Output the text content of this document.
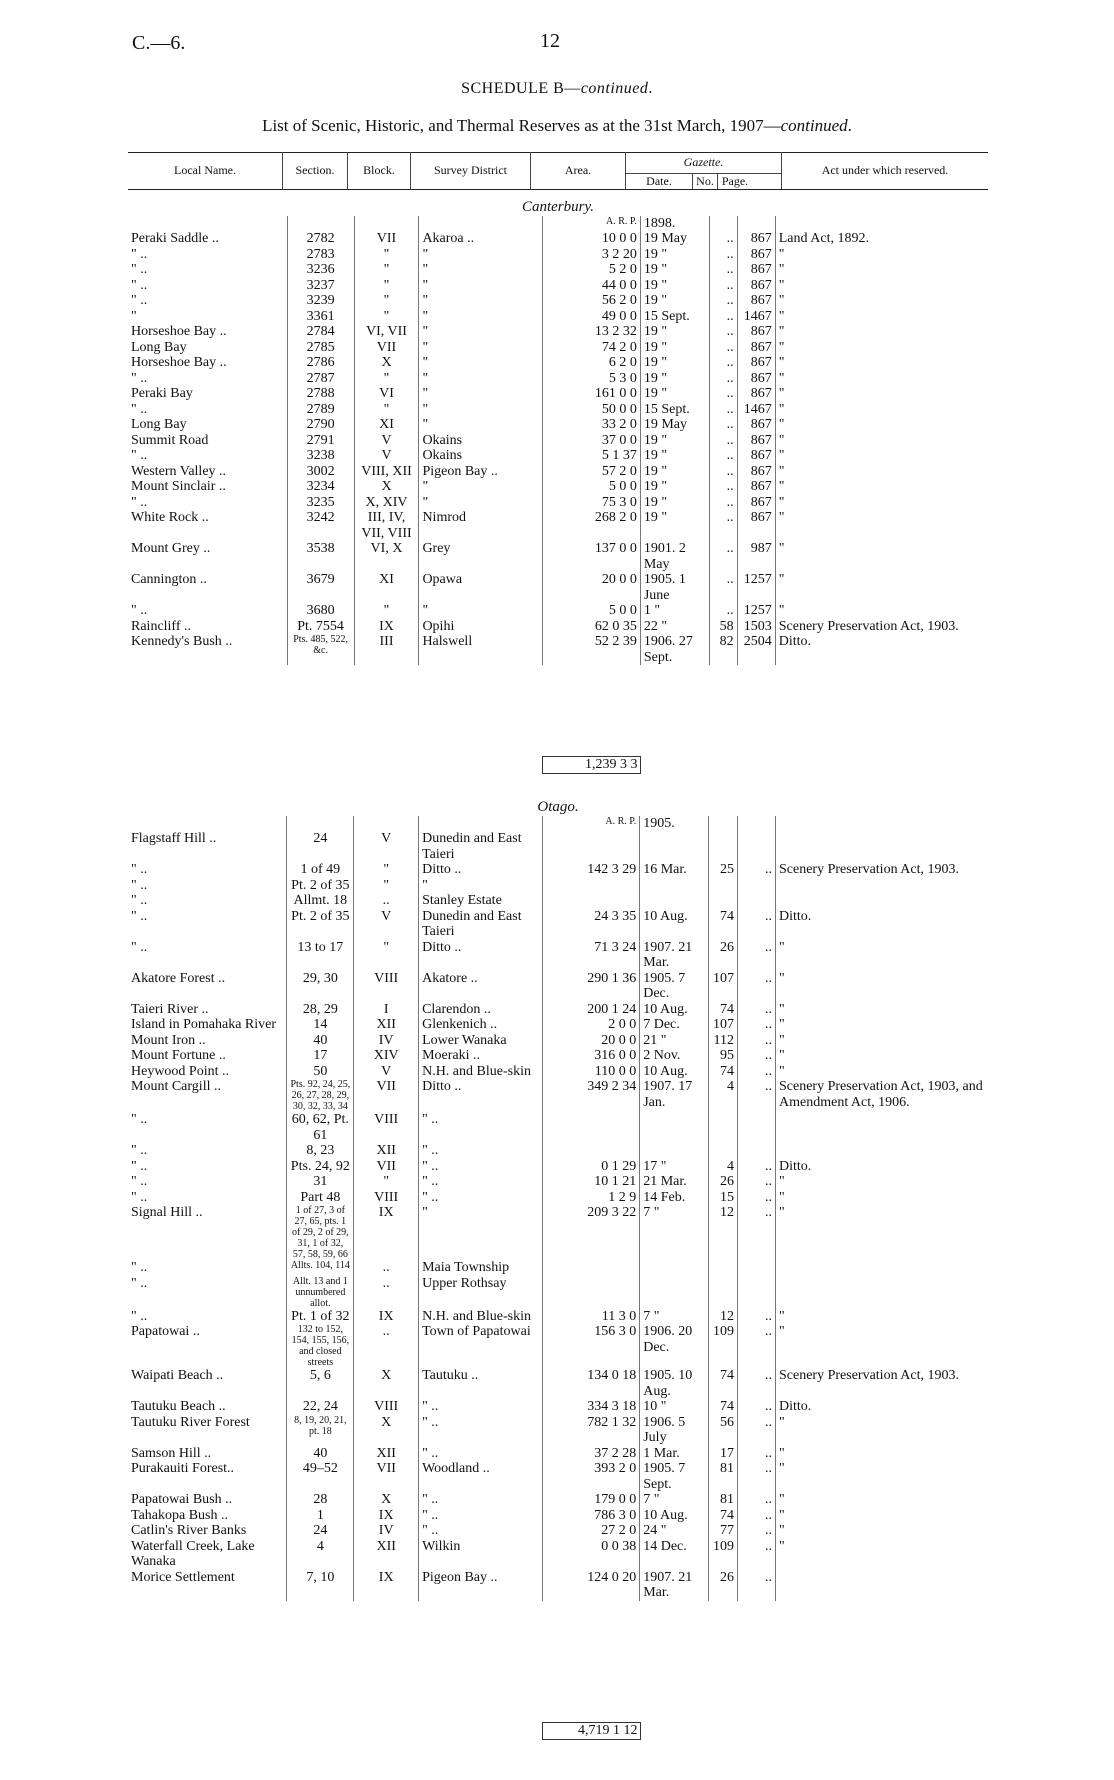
C.—6.	12
SCHEDULE B—continued.
List of Scenic, Historic, and Thermal Reserves as at the 31st March, 1907—continued.
Local Name.	Section.	Block.	Survey District	Area.	
Gazette.
Date.	No. Page.
	Act under which reserved.
Canterbury.								
				A. R. P.	1898.			
Peraki Saddle ..	2782	VII	Akaroa ..	10 0 0	19 May	..	867	Land Act, 1892.
" ..	2783	"	"	3 2 20	19 "	..	867	"
" ..	3236	"	"	5 2 0	19 "	..	867	"
" ..	3237	"	"	44 0 0	19 "	..	867	"
" ..	3239	"	"	56 2 0	19 "	..	867	"
"	3361	"	"	49 0 0	15 Sept.	..	1467	"
Horseshoe Bay ..	2784	VI, VII	"	13 2 32	19 "	..	867	"
Long Bay	2785	VII	"	74 2 0	19 "	..	867	"
Horseshoe Bay ..	2786	X	"	6 2 0	19 "	..	867	"
" ..	2787	"	"	5 3 0	19 "	..	867	"
Peraki Bay	2788	VI	"	161 0 0	19 "	..	867	"
" ..	2789	"	"	50 0 0	15 Sept.	..	1467	"
Long Bay	2790	XI	"	33 2 0	19 May	..	867	"
Summit Road	2791	V	Okains	37 0 0	19 "	..	867	"
" ..	3238	V	Okains	5 1 37	19 "	..	867	"
Western Valley ..	3002	VIII, XII	Pigeon Bay ..	57 2 0	19 "	..	867	"
Mount Sinclair ..	3234	X	"	5 0 0	19 "	..	867	"
" ..	3235	X, XIV	"	75 3 0	19 "	..	867	"
White Rock ..	3242	III, IV, VII, VIII	Nimrod	268 2 0	19 "	..	867	"
Mount Grey ..	3538	VI, X	Grey	137 0 0	1901. 2 May	..	987	"
Cannington ..	3679	XI	Opawa	20 0 0	1905. 1 June	..	1257	"
" ..	3680	"	"	5 0 0	1 "	..	1257	"
Raincliff ..	Pt. 7554	IX	Opihi	62 0 35	22 "	58	1503	Scenery Preservation Act, 1903.
Kennedy's Bush ..	Pts. 485, 522, &c.	III	Halswell	52 2 39	1906. 27 Sept.	82	2504	Ditto.
				1,239 3 3				
Otago.								
				A. R. P.	1905.			
Flagstaff Hill ..	24	V	Dunedin and East Taieri					
" ..	1 of 49	"	Ditto ..	142 3 29	16 Mar.	25	..	Scenery Preservation Act, 1903.
" ..	Pt. 2 of 35	"	"					
" ..	Allmt. 18	..	Stanley Estate					
" ..	Pt. 2 of 35	V	Dunedin and East Taieri	24 3 35	10 Aug.	74	..	Ditto.
" ..	13 to 17	"	Ditto ..	71 3 24	1907. 21 Mar.	26	..	"
Akatore Forest ..	29, 30	VIII	Akatore ..	290 1 36	1905. 7 Dec.	107	..	"
Taieri River ..	28, 29	I	Clarendon ..	200 1 24	10 Aug.	74	..	"
Island in Pomahaka River	14	XII	Glenkenich ..	2 0 0	7 Dec.	107	..	"
Mount Iron ..	40	IV	Lower Wanaka	20 0 0	21 "	112	..	"
Mount Fortune ..	17	XIV	Moeraki ..	316 0 0	2 Nov.	95	..	"
Heywood Point ..	50	V	N.H. and Blue-skin	110 0 0	10 Aug.	74	..	"
Mount Cargill ..	Pts. 92, 24, 25, 26, 27, 28, 29, 30, 32, 33, 34	VII	Ditto ..	349 2 34	1907. 17 Jan.	4	..	Scenery Preservation Act, 1903, and Amendment Act, 1906.
" ..	60, 62, Pt. 61	VIII	" ..					
" ..	8, 23	XII	" ..					
" ..	Pts. 24, 92	VII	" ..	0 1 29	17 "	4	..	Ditto.
" ..	31	"	" ..	10 1 21	21 Mar.	26	..	"
" ..	Part 48	VIII	" ..	1 2 9	14 Feb.	15	..	"
Signal Hill ..	1 of 27, 3 of 27, 65, pts. 1 of 29, 2 of 29, 31, 1 of 32, 57, 58, 59, 66	IX	"	209 3 22	7 "	12	..	"
" ..	Allts. 104, 114	..	Maia Township					
" ..	Allt. 13 and 1 unnumbered allot.	..	Upper Rothsay					
" ..	Pt. 1 of 32	IX	N.H. and Blue-skin	11 3 0	7 "	12	..	"
Papatowai ..	132 to 152, 154, 155, 156, and closed streets	..	Town of Papatowai	156 3 0	1906. 20 Dec.	109	..	"
Waipati Beach ..	5, 6	X	Tautuku ..	134 0 18	1905. 10 Aug.	74	..	Scenery Preservation Act, 1903.
Tautuku Beach ..	22, 24	VIII	" ..	334 3 18	10 "	74	..	Ditto.
Tautuku River Forest	8, 19, 20, 21, pt. 18	X	" ..	782 1 32	1906. 5 July	56	..	"
Samson Hill ..	40	XII	" ..	37 2 28	1 Mar.	17	..	"
Purakauiti Forest..	49–52	VII	Woodland ..	393 2 0	1905. 7 Sept.	81	..	"
Papatowai Bush ..	28	X	" ..	179 0 0	7 "	81	..	"
Tahakopa Bush ..	1	IX	" ..	786 3 0	10 Aug.	74	..	"
Catlin's River Banks	24	IV	" ..	27 2 0	24 "	77	..	"
Waterfall Creek, Lake Wanaka	4	XII	Wilkin	0 0 38	14 Dec.	109	..	"
Morice Settlement	7, 10	IX	Pigeon Bay ..	124 0 20	1907. 21 Mar.	26	..	
				4,719 1 12				
